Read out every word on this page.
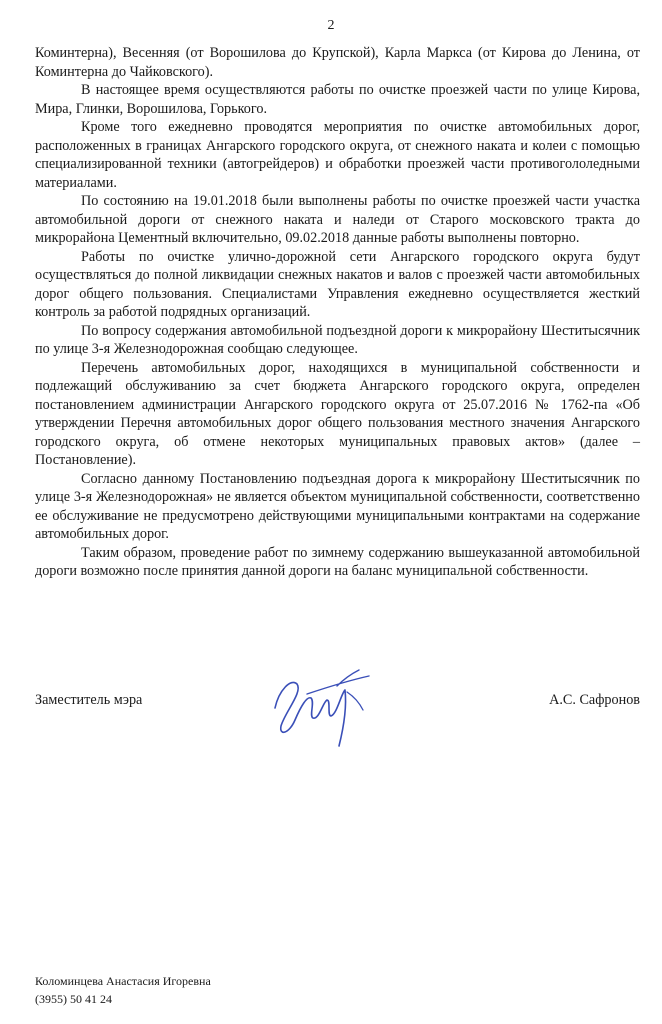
2

Коминтерна), Весенняя (от Ворошилова до Крупской), Карла Маркса (от Кирова до Ленина, от Коминтерна до Чайковского).

В настоящее время осуществляются работы по очистке проезжей части по улице Кирова, Мира, Глинки, Ворошилова, Горького.

Кроме того ежедневно проводятся мероприятия по очистке автомобильных дорог, расположенных в границах Ангарского городского округа, от снежного наката и колеи с помощью специализированной техники (автогрейдеров) и обработки проезжей части противогололедными материалами.

По состоянию на 19.01.2018 были выполнены работы по очистке проезжей части участка автомобильной дороги от снежного наката и наледи от Старого московского тракта до микрорайона Цементный включительно, 09.02.2018 данные работы выполнены повторно.

Работы по очистке улично-дорожной сети Ангарского городского округа будут осуществляться до полной ликвидации снежных накатов и валов с проезжей части автомобильных дорог общего пользования. Специалистами Управления ежедневно осуществляется жесткий контроль за работой подрядных организаций.

По вопросу содержания автомобильной подъездной дороги к микрорайону Шеститысячник по улице 3-я Железнодорожная сообщаю следующее.

Перечень автомобильных дорог, находящихся в муниципальной собственности и подлежащий обслуживанию за счет бюджета Ангарского городского округа, определен постановлением администрации Ангарского городского округа от 25.07.2016 № 1762-па «Об утверждении Перечня автомобильных дорог общего пользования местного значения Ангарского городского округа, об отмене некоторых муниципальных правовых актов» (далее – Постановление).

Согласно данному Постановлению подъездная дорога к микрорайону Шеститысячник по улице 3-я Железнодорожная» не является объектом муниципальной собственности, соответственно ее обслуживание не предусмотрено действующими муниципальными контрактами на содержание автомобильных дорог.

Таким образом, проведение работ по зимнему содержанию вышеуказанной автомобильной дороги возможно после принятия данной дороги на баланс муниципальной собственности.

Заместитель мэра	А.С. Сафронов
Коломинцева Анастасия Игоревна
(3955) 50 41 24
